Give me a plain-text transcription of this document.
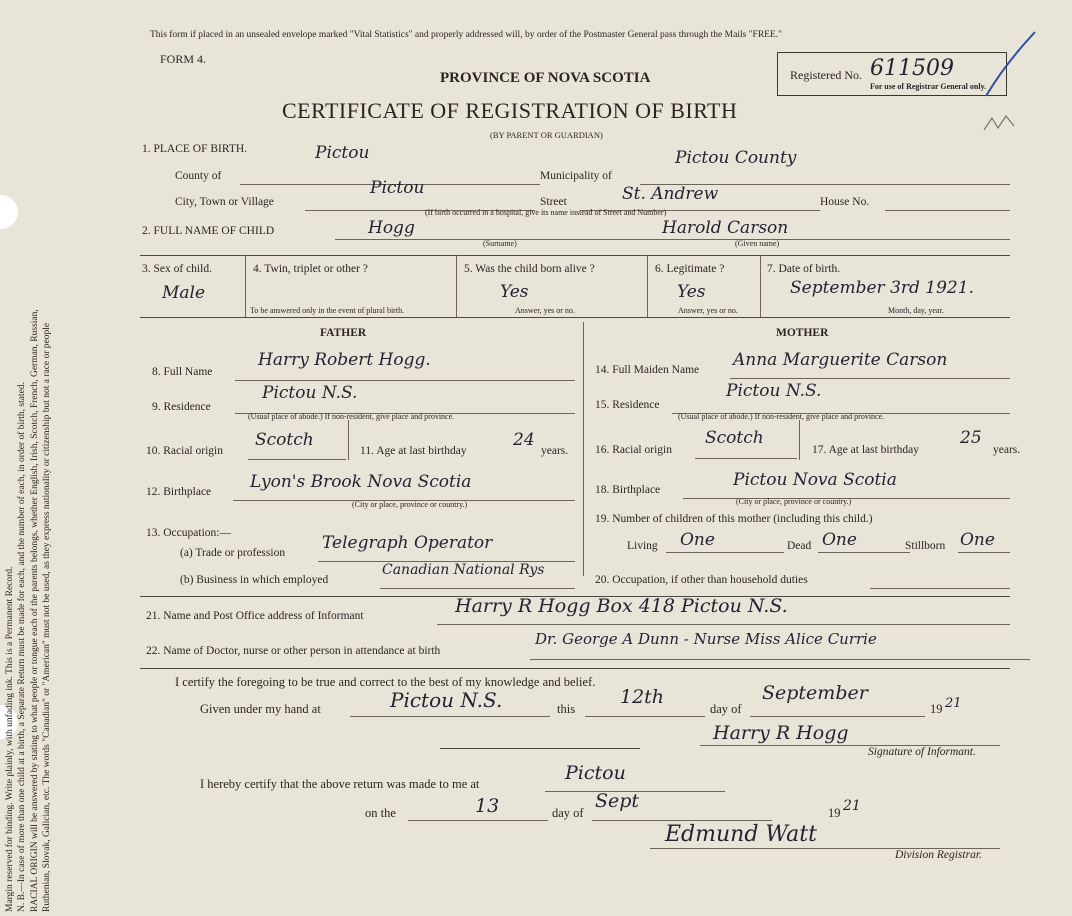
Margin reserved for binding. Write plainly, with unfading ink. This is a Permanent Record. N. B.—In case of more than one child at a birth, a Separate Return must be made for each, and the number of each, in order of birth, stated. RACIAL ORIGIN will be answered by stating to what people or tongue each of the parents belongs, whether English, Irish, Scotch, French, German, Russian, Ruthenian, Slovak, Galician, etc. The words "Canadian" or "American" must not be used, as they express nationality or citizenship but not a race or people
This form if placed in an unsealed envelope marked "Vital Statistics" and properly addressed will, by order of the Postmaster General pass through the Mails "FREE."
FORM 4.
PROVINCE OF NOVA SCOTIA
CERTIFICATE OF REGISTRATION OF BIRTH
(BY PARENT OR GUARDIAN)
Registered No. 611509
For use of Registrar General only.
1. PLACE OF BIRTH.
County of
Pictou
Municipality of
Pictou County
City, Town or Village
Pictou
Street	St. Andrew	House No.
(If birth occurred in a hospital, give its name instead of Street and Number)
2. FULL NAME OF CHILD	Hogg
(Surname)
Harold Carson
(Given name)
3. Sex of child.
Male
4. Twin, triplet or other ?
To be answered only in the event of plural birth.
5. Was the child born alive ?
Yes
Answer, yes or no.
6. Legitimate ?
Yes
Answer, yes or no.
7. Date of birth.
September 3rd 1921.
Month, day, year.
FATHER	MOTHER
8. Full Name
Harry Robert Hogg.
9. Residence
Pictou N.S.
(Usual place of abode.) If non-resident, give place and province.
10. Racial origin
Scotch
11. Age at last birthday
24
years.
12. Birthplace Lyon's Brook Nova Scotia
(City or place, province or country.)
13. Occupation:—
(a) Trade or profession Telegraph Operator
(b) Business in which employed
Canadian National Rys
14. Full Maiden Name Anna Marguerite Carson
15. Residence
Pictou N.S.
(Usual place of abode.) If non-resident, give place and province.
16. Racial origin
Scotch
17. Age at last birthday
25
years.
18. Birthplace	Pictou Nova Scotia
(City or place, province or country.)
19. Number of children of this mother (including this child.)
Living One	Dead One	Stillborn One
20. Occupation, if other than household duties
21. Name and Post Office address of Informant	Harry R Hogg Box 418 Pictou N.S.
22. Name of Doctor, nurse or other person in attendance at birth
Dr. George A Dunn - Nurse Miss Alice Currie
I certify the foregoing to be true and correct to the best of my knowledge and belief.
Given under my hand at	Pictou N.S.	this
12th
day of
September
19 21
Harry R Hogg
Signature of Informant.
I hereby certify that the above return was made to me at	Pictou
on the	13	day of
Sept
19 21
Edmund Watt
Division Registrar.
